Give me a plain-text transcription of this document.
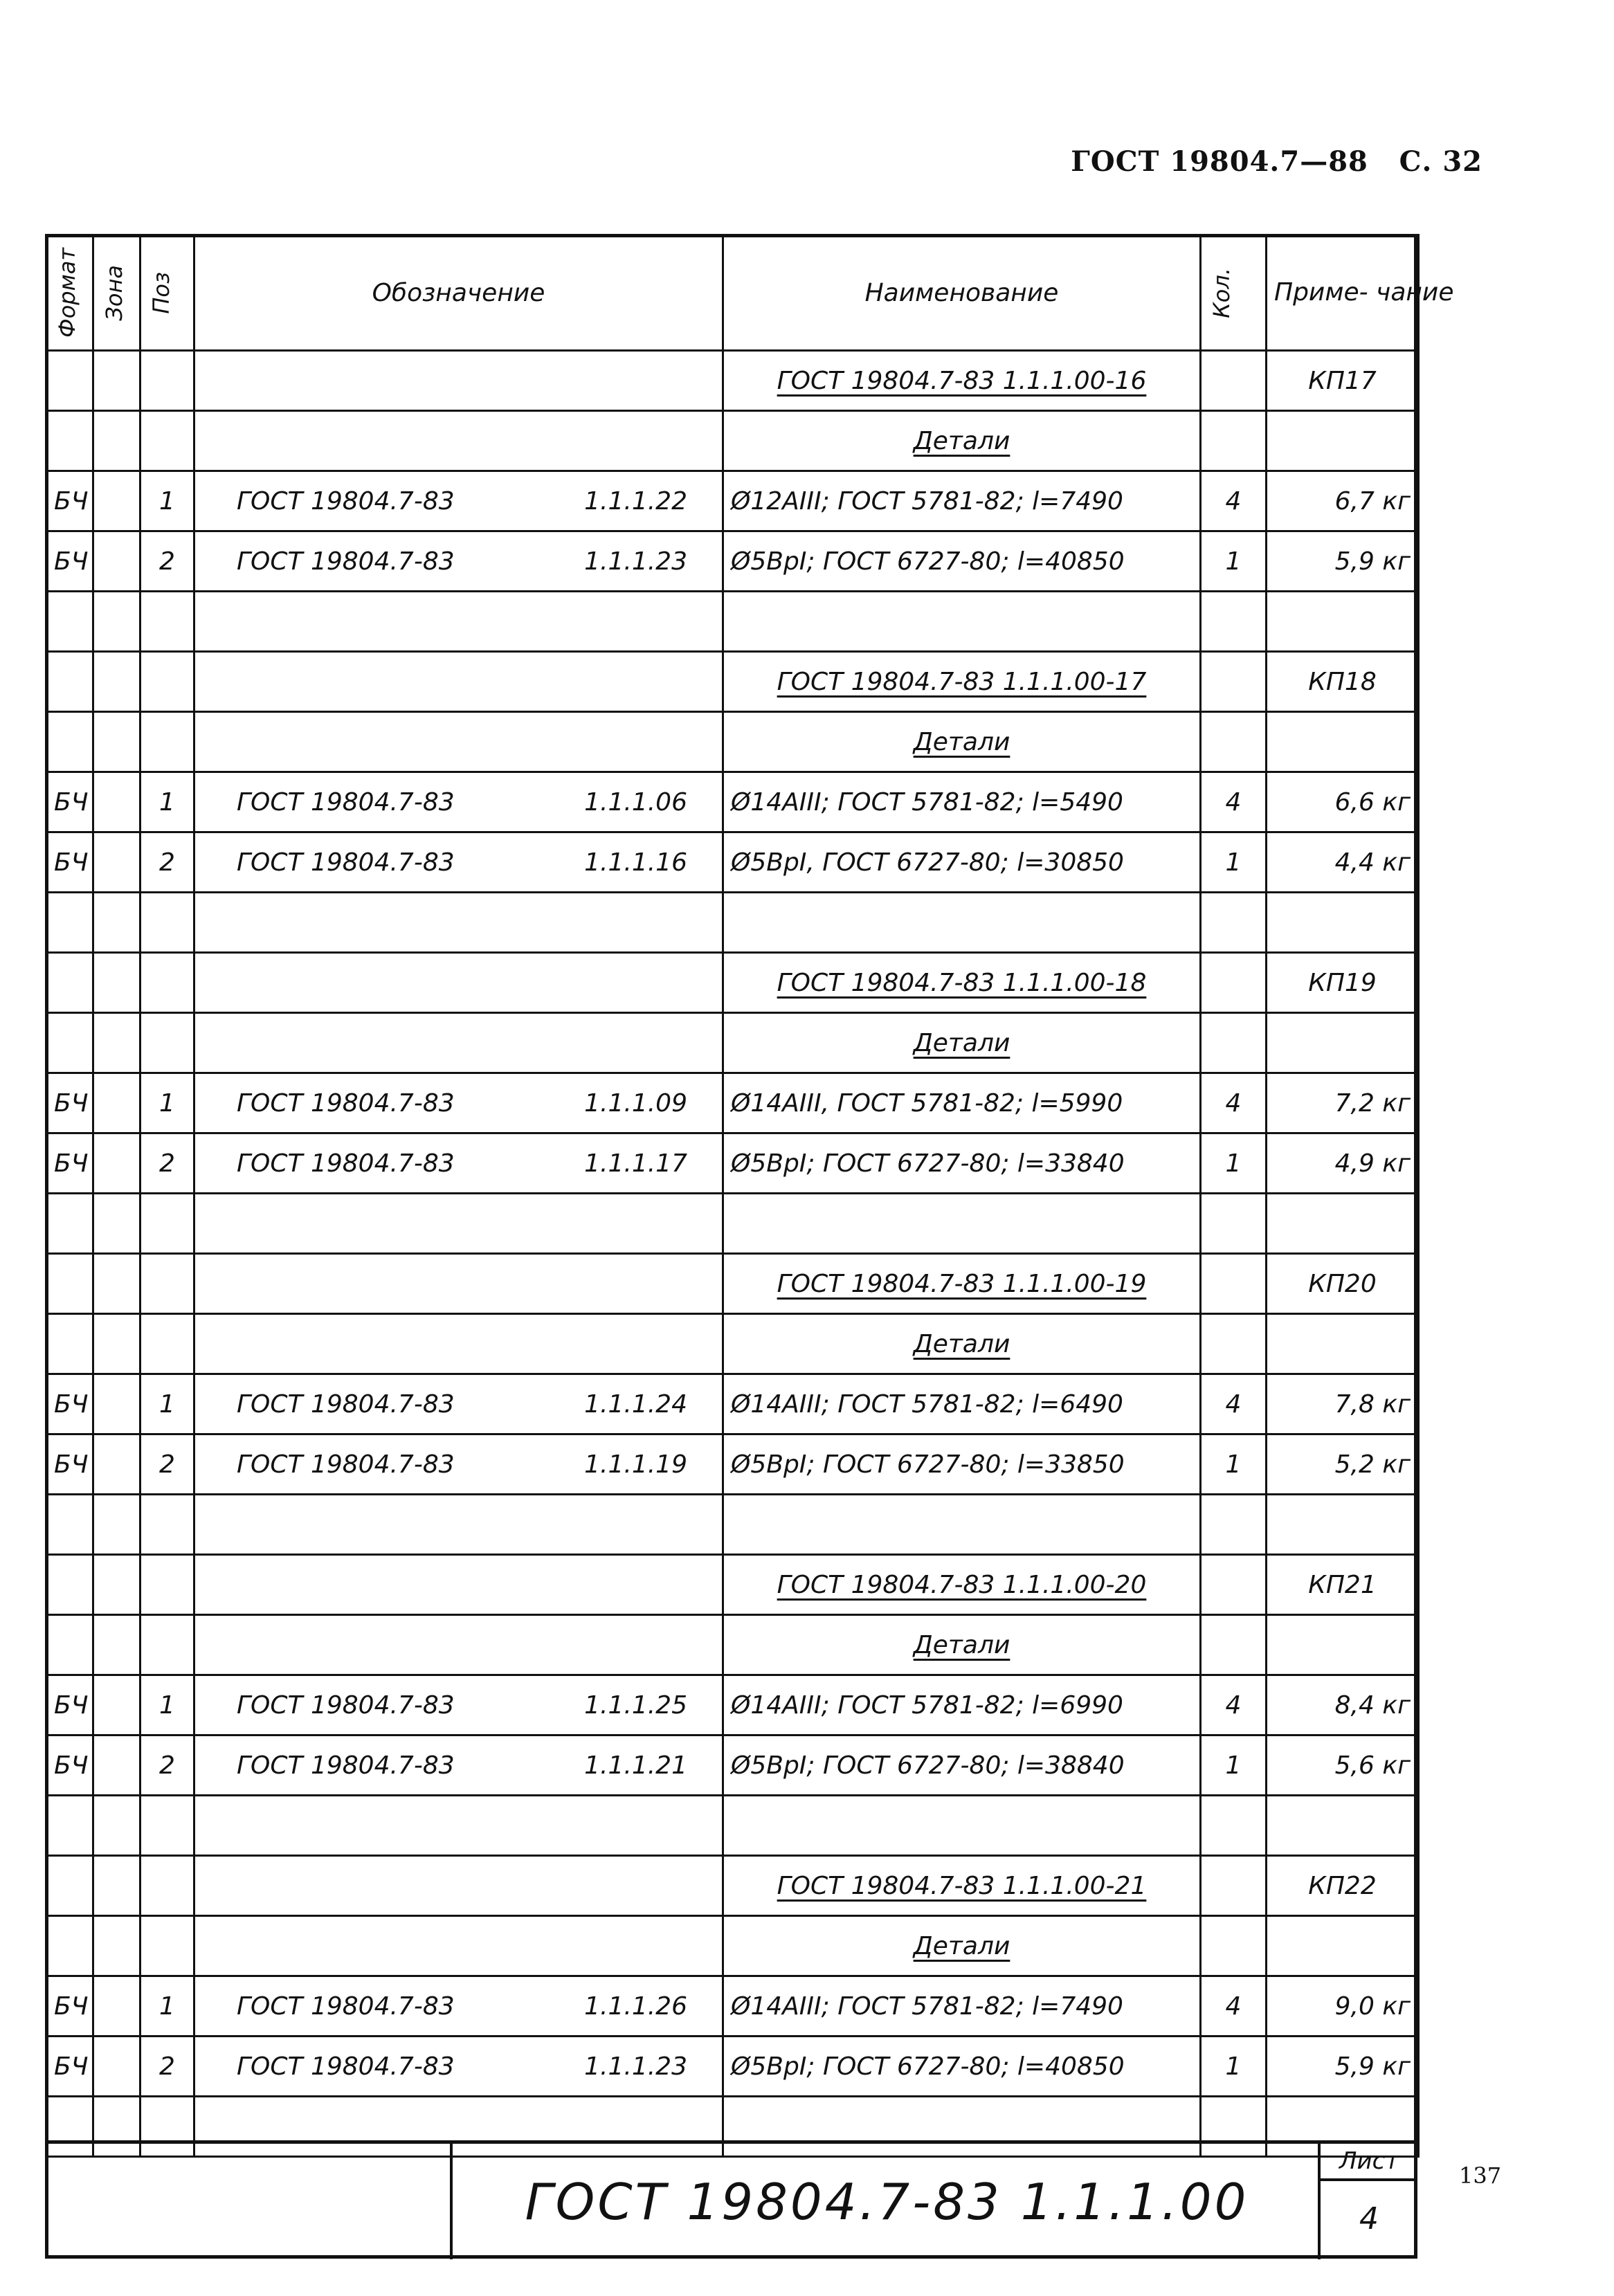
ГОСТ 19804.7—88 С. 32
Формат	Зона	Поз	Обозначение	Наименование	Кол.	Приме- чание

				ГОСТ 19804.7-83 1.1.1.00-16		КП17
				Детали		
БЧ		1	ГОСТ 19804.7-83 1.1.1.22	Ø12АIII; ГОСТ 5781-82; l=7490	4	6,7 кг
БЧ		2	ГОСТ 19804.7-83 1.1.1.23	Ø5ВрI; ГОСТ 6727-80; l=40850	1	5,9 кг

				ГОСТ 19804.7-83 1.1.1.00-17		КП18
				Детали		
БЧ		1	ГОСТ 19804.7-83 1.1.1.06	Ø14АIII; ГОСТ 5781-82; l=5490	4	6,6 кг
БЧ		2	ГОСТ 19804.7-83 1.1.1.16	Ø5ВрI, ГОСТ 6727-80; l=30850	1	4,4 кг

				ГОСТ 19804.7-83 1.1.1.00-18		КП19
				Детали		
БЧ		1	ГОСТ 19804.7-83 1.1.1.09	Ø14АIII, ГОСТ 5781-82; l=5990	4	7,2 кг
БЧ		2	ГОСТ 19804.7-83 1.1.1.17	Ø5ВрI; ГОСТ 6727-80; l=33840	1	4,9 кг

				ГОСТ 19804.7-83 1.1.1.00-19		КП20
				Детали		
БЧ		1	ГОСТ 19804.7-83 1.1.1.24	Ø14АIII; ГОСТ 5781-82; l=6490	4	7,8 кг
БЧ		2	ГОСТ 19804.7-83 1.1.1.19	Ø5ВрI; ГОСТ 6727-80; l=33850	1	5,2 кг

				ГОСТ 19804.7-83 1.1.1.00-20		КП21
				Детали		
БЧ		1	ГОСТ 19804.7-83 1.1.1.25	Ø14АIII; ГОСТ 5781-82; l=6990	4	8,4 кг
БЧ		2	ГОСТ 19804.7-83 1.1.1.21	Ø5ВрI; ГОСТ 6727-80; l=38840	1	5,6 кг

				ГОСТ 19804.7-83 1.1.1.00-21		КП22
				Детали		
БЧ		1	ГОСТ 19804.7-83 1.1.1.26	Ø14АIII; ГОСТ 5781-82; l=7490	4	9,0 кг
БЧ		2	ГОСТ 19804.7-83 1.1.1.23	Ø5ВрI; ГОСТ 6727-80; l=40850	1	5,9 кг

ГОСТ 19804.7-83 1.1.1.00
Лист
4
137
